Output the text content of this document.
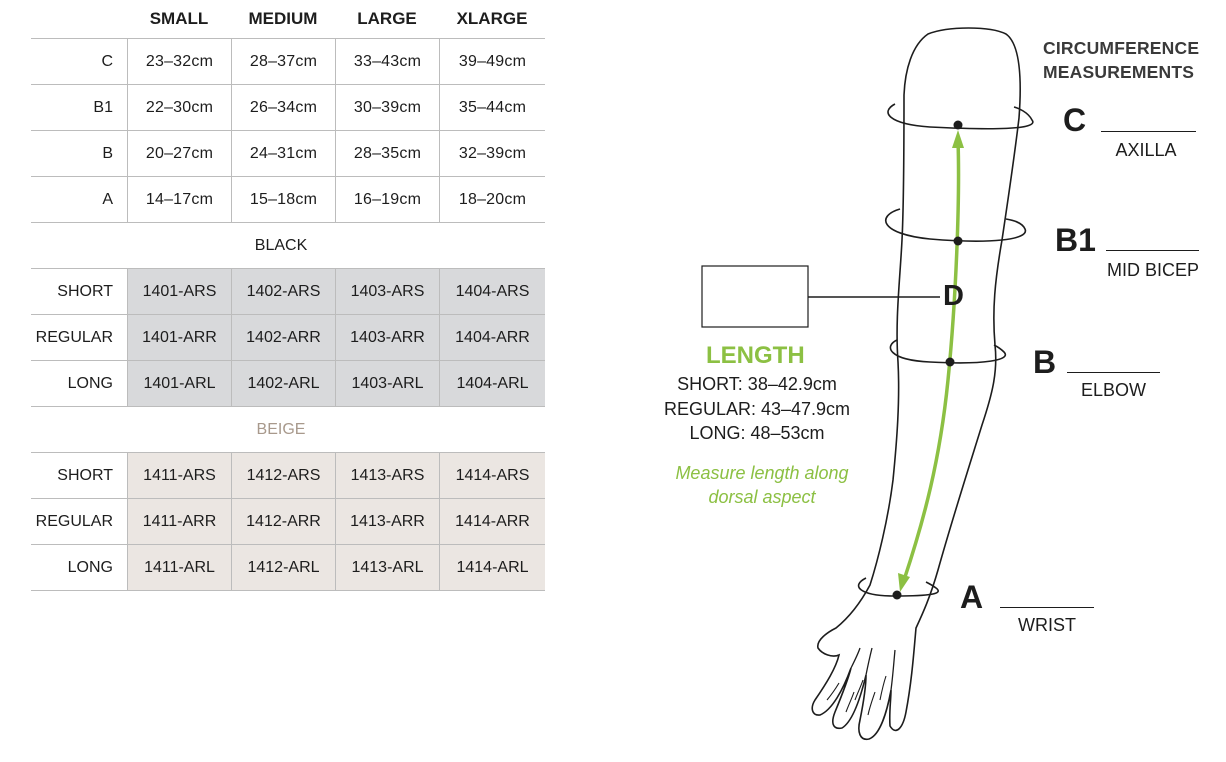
SMALL	MEDIUM	LARGE	XLARGE
C	23–32cm	28–37cm	33–43cm	39–49cm
B1	22–30cm	26–34cm	30–39cm	35–44cm
B	20–27cm	24–31cm	28–35cm	32–39cm
A	14–17cm	15–18cm	16–19cm	18–20cm
BLACK
SHORT	1401-ARS	1402-ARS	1403-ARS	1404-ARS
REGULAR	1401-ARR	1402-ARR	1403-ARR	1404-ARR
LONG	1401-ARL	1402-ARL	1403-ARL	1404-ARL
BEIGE
SHORT	1411-ARS	1412-ARS	1413-ARS	1414-ARS
REGULAR	1411-ARR	1412-ARR	1413-ARR	1414-ARR
LONG	1411-ARL	1412-ARL	1413-ARL	1414-ARL
CIRCUMFERENCE
MEASUREMENTS
C
AXILLA
B1
MID BICEP
B
ELBOW
A
WRIST
D
LENGTH
SHORT: 38–42.9cm
REGULAR: 43–47.9cm
LONG: 48–53cm
Measure length along
dorsal aspect
